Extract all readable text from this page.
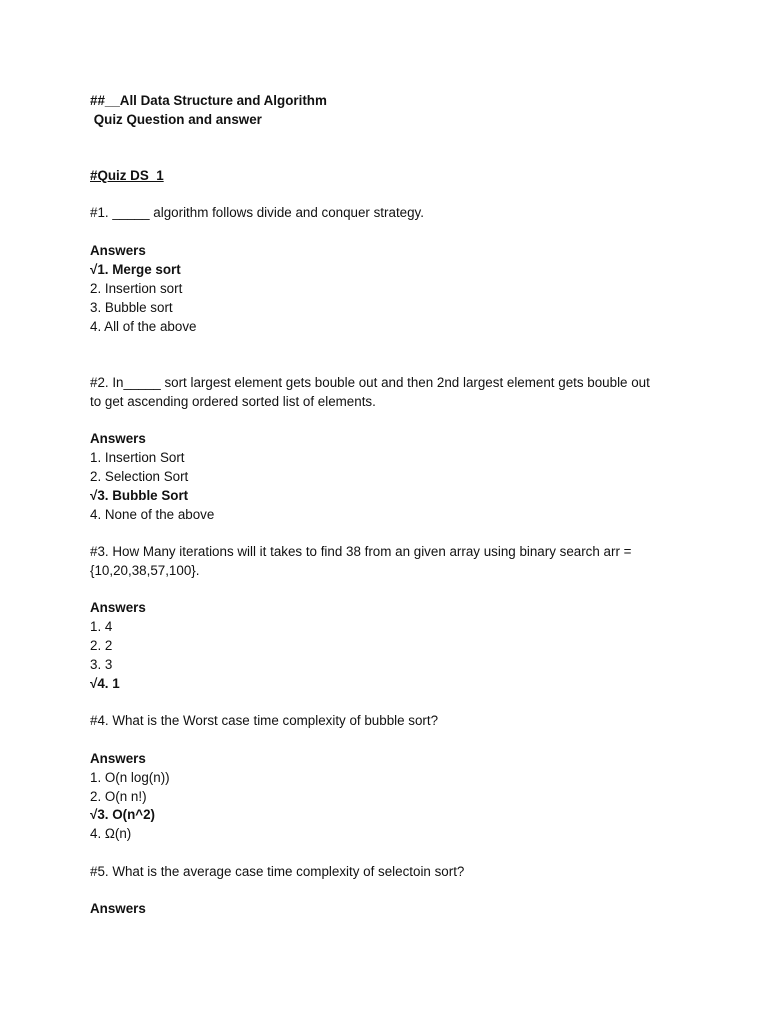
##__All Data Structure and Algorithm
Quiz Question and answer
#Quiz DS_1
#1. _____ algorithm follows divide and conquer strategy.
Answers
√1. Merge sort
2. Insertion sort
3. Bubble sort
4. All of the above
#2. In_____ sort largest element gets bouble out and then 2nd largest element gets bouble out
to get ascending ordered sorted list of elements.
Answers
1. Insertion Sort
2. Selection Sort
√3. Bubble Sort
4. None of the above
#3. How Many iterations will it takes to find 38 from an given array using binary search arr =
{10,20,38,57,100}.
Answers
1. 4
2. 2
3. 3
√4. 1
#4. What is the Worst case time complexity of bubble sort?
Answers
1. O(n log(n))
2. O(n n!)
√3. O(n^2)
4. Ω(n)
#5. What is the average case time complexity of selectoin sort?
Answers
